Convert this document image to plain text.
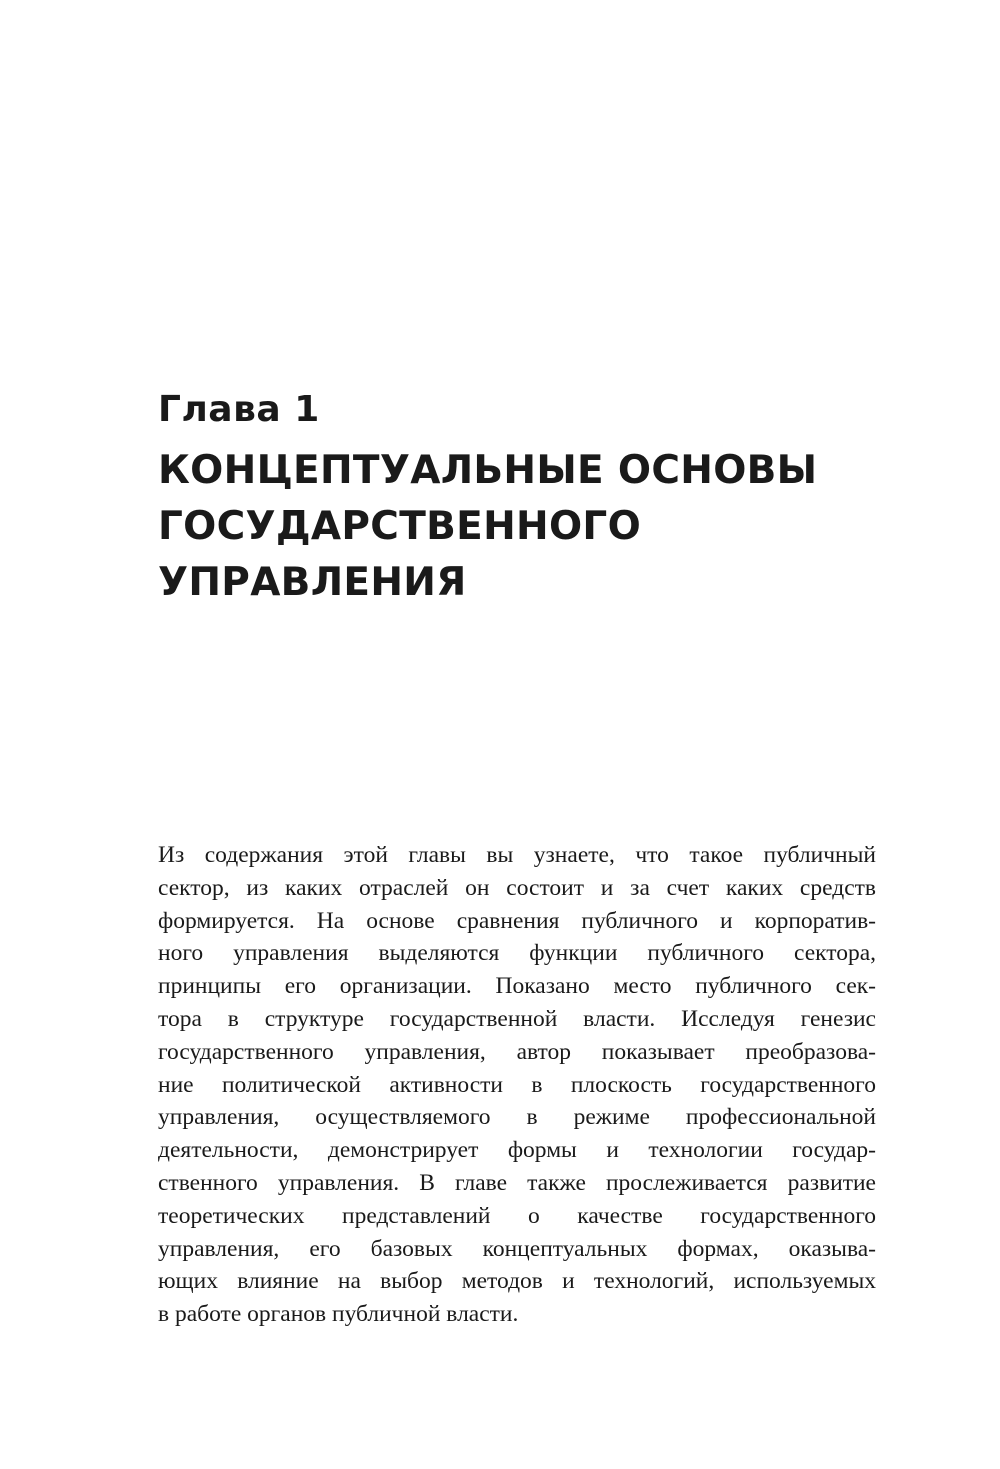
Глава 1
КОНЦЕПТУАЛЬНЫЕ ОСНОВЫ
ГОСУДАРСТВЕННОГО
УПРАВЛЕНИЯ

Из содержания этой главы вы узнаете, что такое публичный
сектор, из каких отраслей он состоит и за счет каких средств
формируется. На основе сравнения публичного и корпоратив-
ного управления выделяются функции публичного сектора,
принципы его организации. Показано место публичного сек-
тора в структуре государственной власти. Исследуя генезис
государственного управления, автор показывает преобразова-
ние политической активности в плоскость государственного
управления, осуществляемого в режиме профессиональной
деятельности, демонстрирует формы и технологии государ-
ственного управления. В главе также прослеживается развитие
теоретических представлений о качестве государственного
управления, его базовых концептуальных формах, оказыва-
ющих влияние на выбор методов и технологий, используемых
в работе органов публичной власти.
